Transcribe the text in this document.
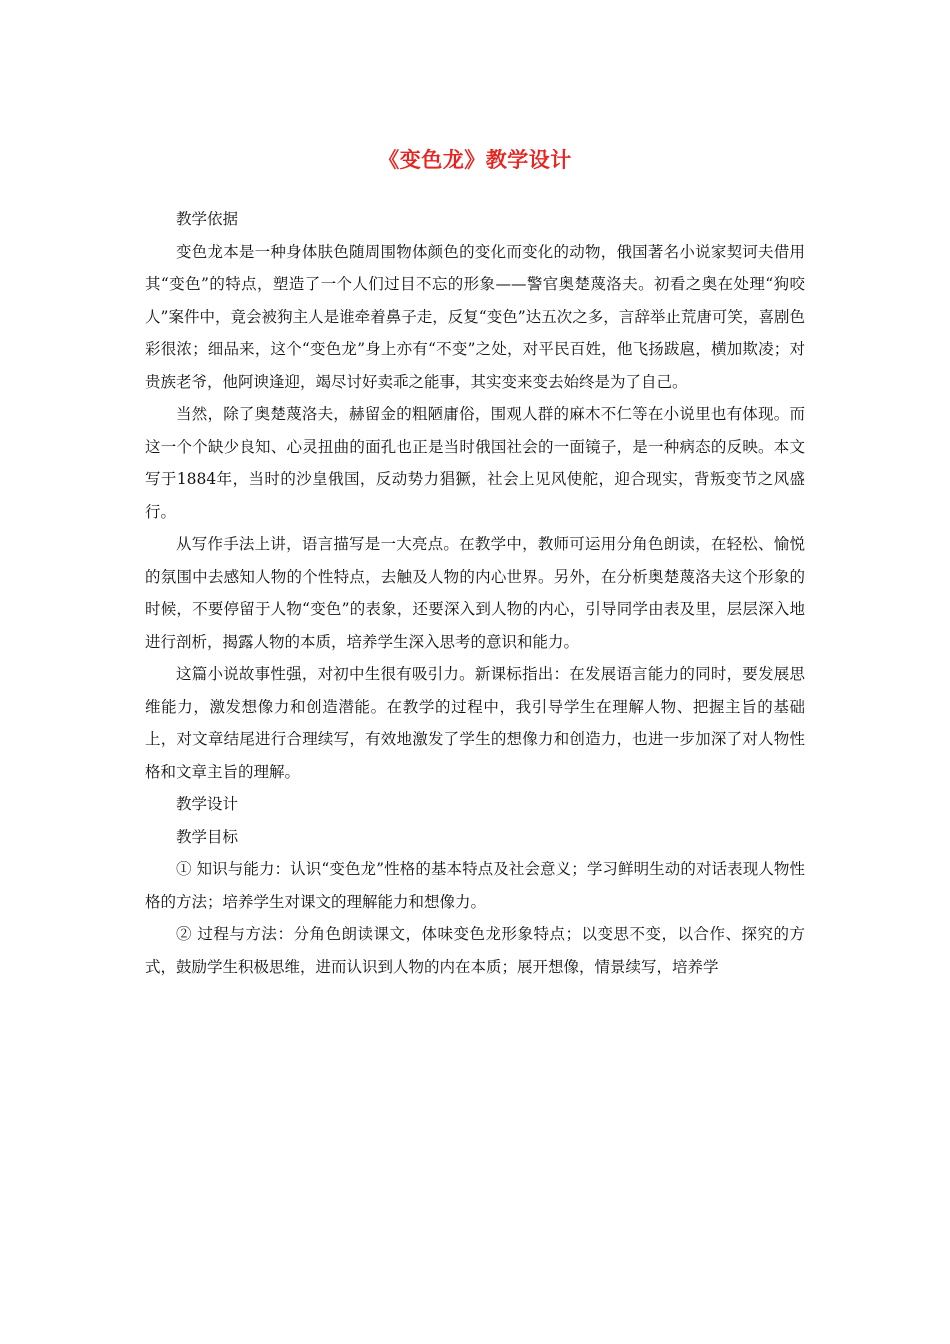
《变色龙》教学设计

教学依据

变色龙本是一种身体肤色随周围物体颜色的变化而变化的动物，俄国著名小说家契诃夫借用其“变色”的特点，塑造了一个人们过目不忘的形象——警官奥楚蔑洛夫。初看之奥在处理“狗咬人”案件中，竟会被狗主人是谁牵着鼻子走，反复“变色”达五次之多，言辞举止荒唐可笑，喜剧色彩很浓；细品来，这个“变色龙”身上亦有“不变”之处，对平民百姓，他飞扬跋扈，横加欺凌；对贵族老爷，他阿谀逢迎，竭尽讨好卖乖之能事，其实变来变去始终是为了自己。

当然，除了奥楚蔑洛夫，赫留金的粗陋庸俗，围观人群的麻木不仁等在小说里也有体现。而这一个个缺少良知、心灵扭曲的面孔也正是当时俄国社会的一面镜子，是一种病态的反映。本文写于1884年，当时的沙皇俄国，反动势力猖獗，社会上见风使舵，迎合现实，背叛变节之风盛行。

从写作手法上讲，语言描写是一大亮点。在教学中，教师可运用分角色朗读，在轻松、愉悦的氛围中去感知人物的个性特点，去触及人物的内心世界。另外，在分析奥楚蔑洛夫这个形象的时候，不要停留于人物“变色”的表象，还要深入到人物的内心，引导同学由表及里，层层深入地进行剖析，揭露人物的本质，培养学生深入思考的意识和能力。

这篇小说故事性强，对初中生很有吸引力。新课标指出：在发展语言能力的同时，要发展思维能力，激发想像力和创造潜能。在教学的过程中，我引导学生在理解人物、把握主旨的基础上，对文章结尾进行合理续写，有效地激发了学生的想像力和创造力，也进一步加深了对人物性格和文章主旨的理解。

教学设计

教学目标

① 知识与能力：认识“变色龙”性格的基本特点及社会意义；学习鲜明生动的对话表现人物性格的方法；培养学生对课文的理解能力和想像力。

② 过程与方法：分角色朗读课文，体味变色龙形象特点；以变思不变，以合作、探究的方式，鼓励学生积极思维，进而认识到人物的内在本质；展开想像，情景续写，培养学
